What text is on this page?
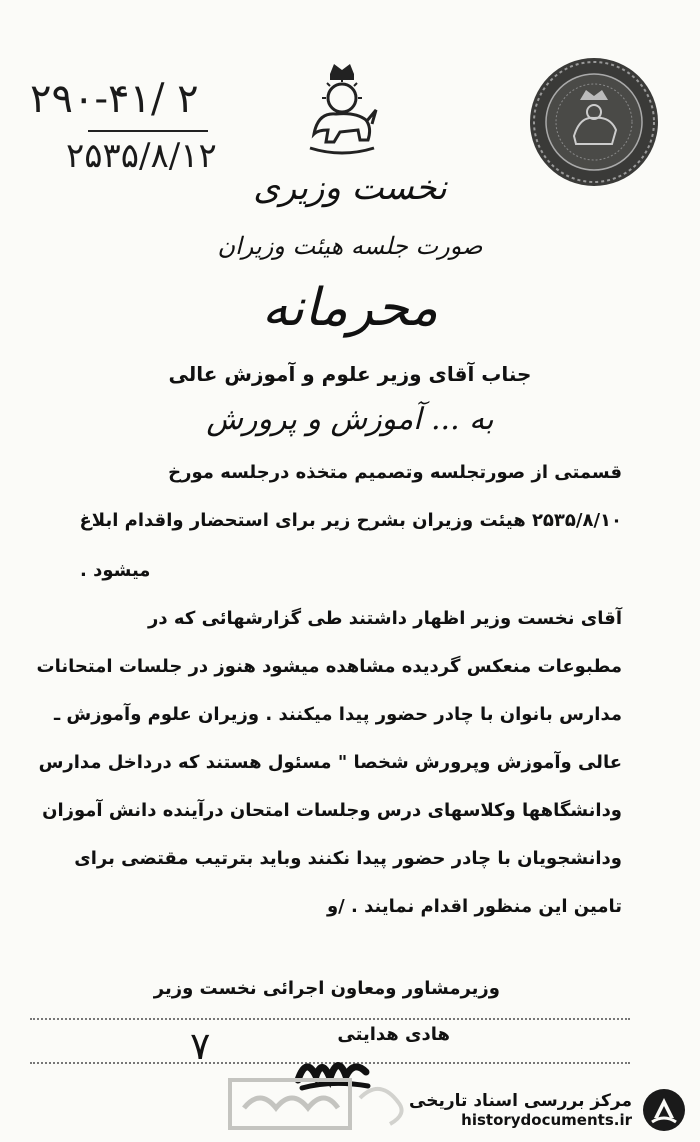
۲۹۰-۴۱/ ۲
۲۵۳۵/۸/۱۲
نخست وزیری
صورت جلسه هیئت وزیران
محرمانه
جناب آقای وزیر علوم و آموزش عالی
به ... آموزش و پرورش
قسمتی از صورتجلسه وتصمیم متخذه درجلسه مورخ
۲۵۳۵/۸/۱۰ هیئت وزیران بشرح زیر برای استحضار واقدام ابلاغ
میشود .
آقای نخست وزیر اظهار داشتند طی گزارشهائی که در
مطبوعات منعکس گردیده مشاهده میشود هنوز در جلسات امتحانات
مدارس بانوان با چادر حضور پیدا میکنند . وزیران علوم وآموزش ـ
عالی وآموزش وپرورش شخصا " مسئول هستند که درداخل مدارس
ودانشگاهها وکلاسهای درس وجلسات امتحان درآینده دانش آموزان
ودانشجویان با چادر حضور پیدا نکنند وباید بترتیب مقتضی برای
تامین این منظور اقدام نمایند . /و
وزیرمشاور ومعاون اجرائی نخست وزیر
هادی هدایتی
۷
مرکز بررسی اسناد تاریخی
historydocuments.ir
